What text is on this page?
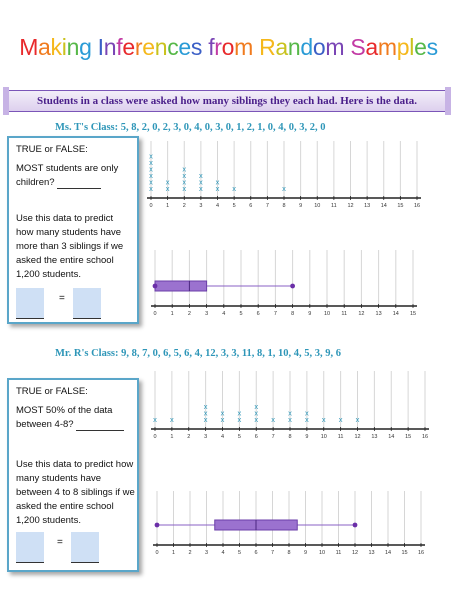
Making Inferences from Random Samples
Students in a class were asked how many siblings they each had. Here is the data.
Ms. T's Class: 5, 8, 2, 0, 2, 3, 0, 4, 0, 3, 0, 1, 2, 1, 0, 4, 0, 3, 2, 0
TRUE or FALSE:
MOST students are only
children?
Use this data to predict
how many students have
more than 3 siblings if we
asked the entire school
1,200 students.
=
0 1 2 3 4 5 6 7 8 9 10 11 12 13 14 15 16
x
x
x
x
x
x
x
x
x
x
x
x
x
x
x
x
x
x	x
0	1	2	3	4	5	6	7	8	9 10 11 12 13 14 15
Mr. R's Class: 9, 8, 7, 0, 6, 5, 6, 4, 12, 3, 3, 11, 8, 1, 10, 4, 5, 3, 9, 6
TRUE or FALSE:
MOST 50% of the data
between 4-8?
Use this data to predict how
many students have
between 4 to 8 siblings if we
asked the entire school
1,200 students.
=
0	1	2	3	4	5	6	7	8	9 10 11 12 13 14 15 16
x x	x
x
x
x
x
x
x
x
x
x
x x
x
x
x
x x x
0 1 2 3 4 5 6 7 8 9 10 11 12 13 14 15 16
